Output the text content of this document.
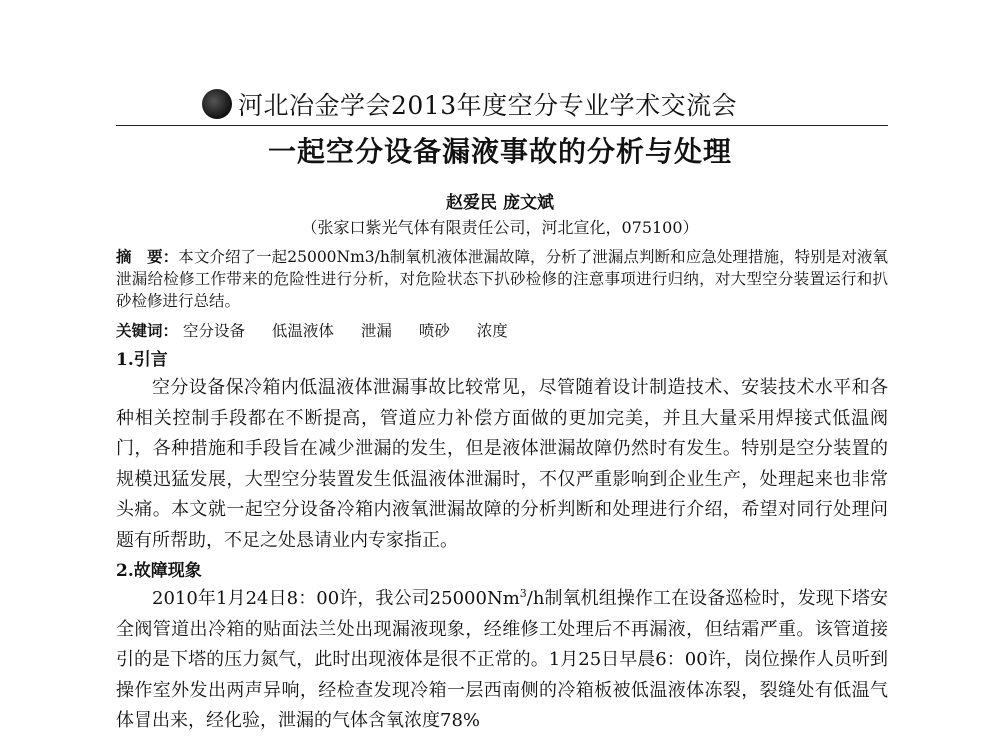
河北冶金学会2013年度空分专业学术交流会
一起空分设备漏液事故的分析与处理
赵爱民 庞文斌
（张家口紫光气体有限责任公司，河北宣化，075100）
摘　要：本文介绍了一起25000Nm3/h制氧机液体泄漏故障，分析了泄漏点判断和应急处理措施，特别是对液氧泄漏给检修工作带来的危险性进行分析，对危险状态下扒砂检修的注意事项进行归纳，对大型空分装置运行和扒砂检修进行总结。
关键词： 空分设备 低温液体 泄漏 喷砂 浓度
1.引言

空分设备保冷箱内低温液体泄漏事故比较常见，尽管随着设计制造技术、安装技术水平和各种相关控制手段都在不断提高，管道应力补偿方面做的更加完美，并且大量采用焊接式低温阀门，各种措施和手段旨在减少泄漏的发生，但是液体泄漏故障仍然时有发生。特别是空分装置的规模迅猛发展，大型空分装置发生低温液体泄漏时，不仅严重影响到企业生产，处理起来也非常头痛。本文就一起空分设备冷箱内液氧泄漏故障的分析判断和处理进行介绍，希望对同行处理问题有所帮助，不足之处恳请业内专家指正。

2.故障现象

2010年1月24日8：00许，我公司25000Nm$^3$/h制氧机组操作工在设备巡检时，发现下塔安全阀管道出冷箱的贴面法兰处出现漏液现象，经维修工处理后不再漏液，但结霜严重。该管道接引的是下塔的压力氮气，此时出现液体是很不正常的。1月25日早晨6：00许，岗位操作人员听到操作室外发出两声异响，经检查发现冷箱一层西南侧的冷箱板被低温液体冻裂，裂缝处有低温气体冒出来，经化验，泄漏的气体含氧浓度78%
